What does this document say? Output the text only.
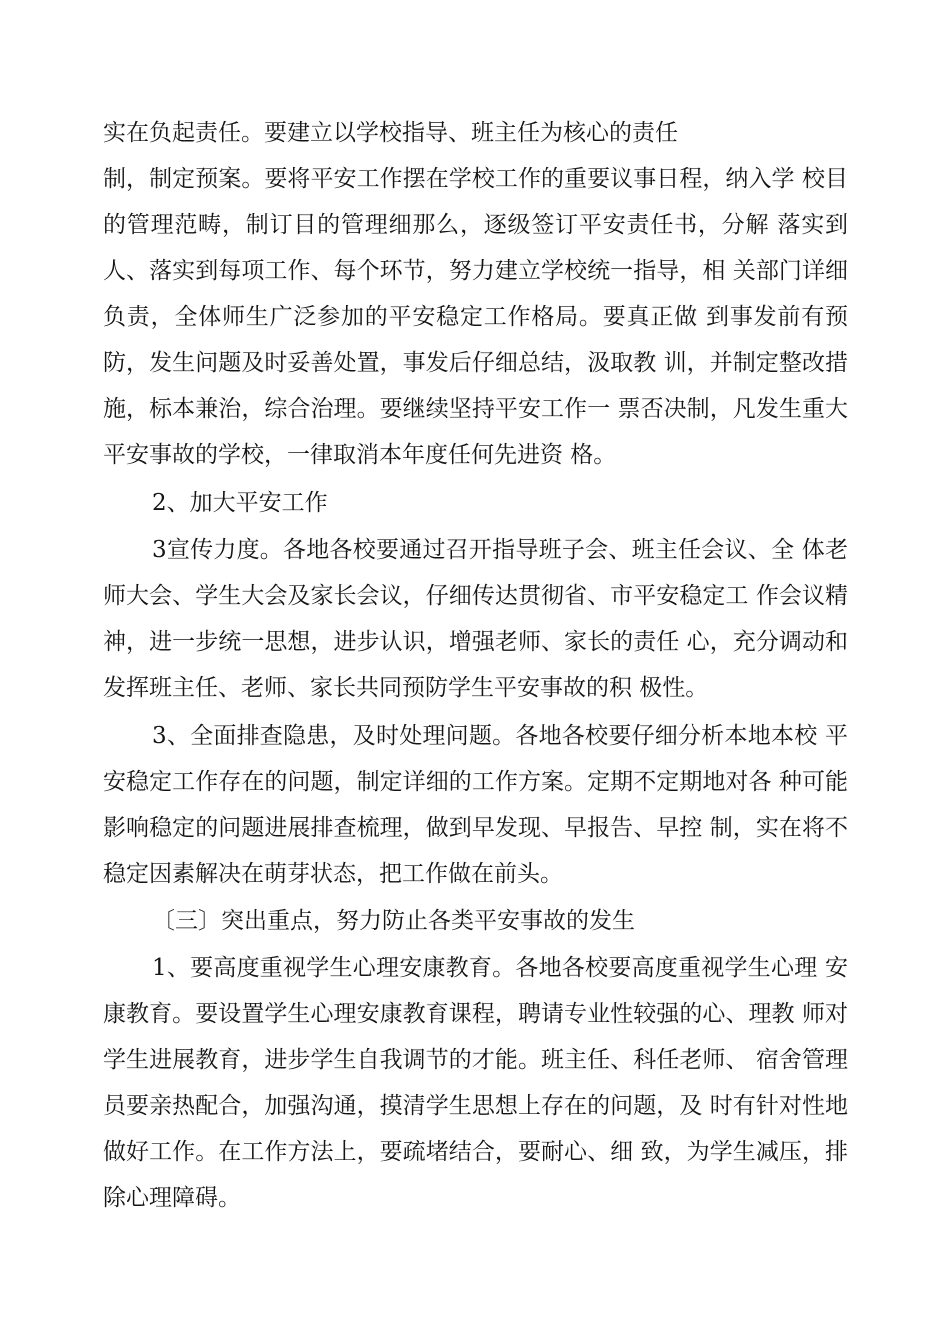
实在负起责任。要建立以学校指导、班主任为核心的责任
制，制定预案。要将平安工作摆在学校工作的重要议事日程，纳入学 校目
的管理范畴，制订目的管理细那么，逐级签订平安责任书，分解 落实到
人、落实到每项工作、每个环节，努力建立学校统一指导，相 关部门详细
负责，全体师生广泛参加的平安稳定工作格局。要真正做 到事发前有预
防，发生问题及时妥善处置，事发后仔细总结，汲取教 训，并制定整改措
施，标本兼治，综合治理。要继续坚持平安工作一 票否决制，凡发生重大
平安事故的学校，一律取消本年度任何先进资 格。
2、加大平安工作
3宣传力度。各地各校要通过召开指导班子会、班主任会议、全 体老
师大会、学生大会及家长会议，仔细传达贯彻省、市平安稳定工 作会议精
神，进一步统一思想，进步认识，增强老师、家长的责任 心，充分调动和
发挥班主任、老师、家长共同预防学生平安事故的积 极性。
3、全面排查隐患，及时处理问题。各地各校要仔细分析本地本校 平
安稳定工作存在的问题，制定详细的工作方案。定期不定期地对各 种可能
影响稳定的问题进展排查梳理，做到早发现、早报告、早控 制，实在将不
稳定因素解决在萌芽状态，把工作做在前头。
〔三〕突出重点，努力防止各类平安事故的发生
1、要高度重视学生心理安康教育。各地各校要高度重视学生心理 安
康教育。要设置学生心理安康教育课程，聘请专业性较强的心、理教 师对
学生进展教育，进步学生自我调节的才能。班主任、科任老师、 宿舍管理
员要亲热配合，加强沟通，摸清学生思想上存在的问题，及 时有针对性地
做好工作。在工作方法上，要疏堵结合，要耐心、细 致，为学生减压，排
除心理障碍。
